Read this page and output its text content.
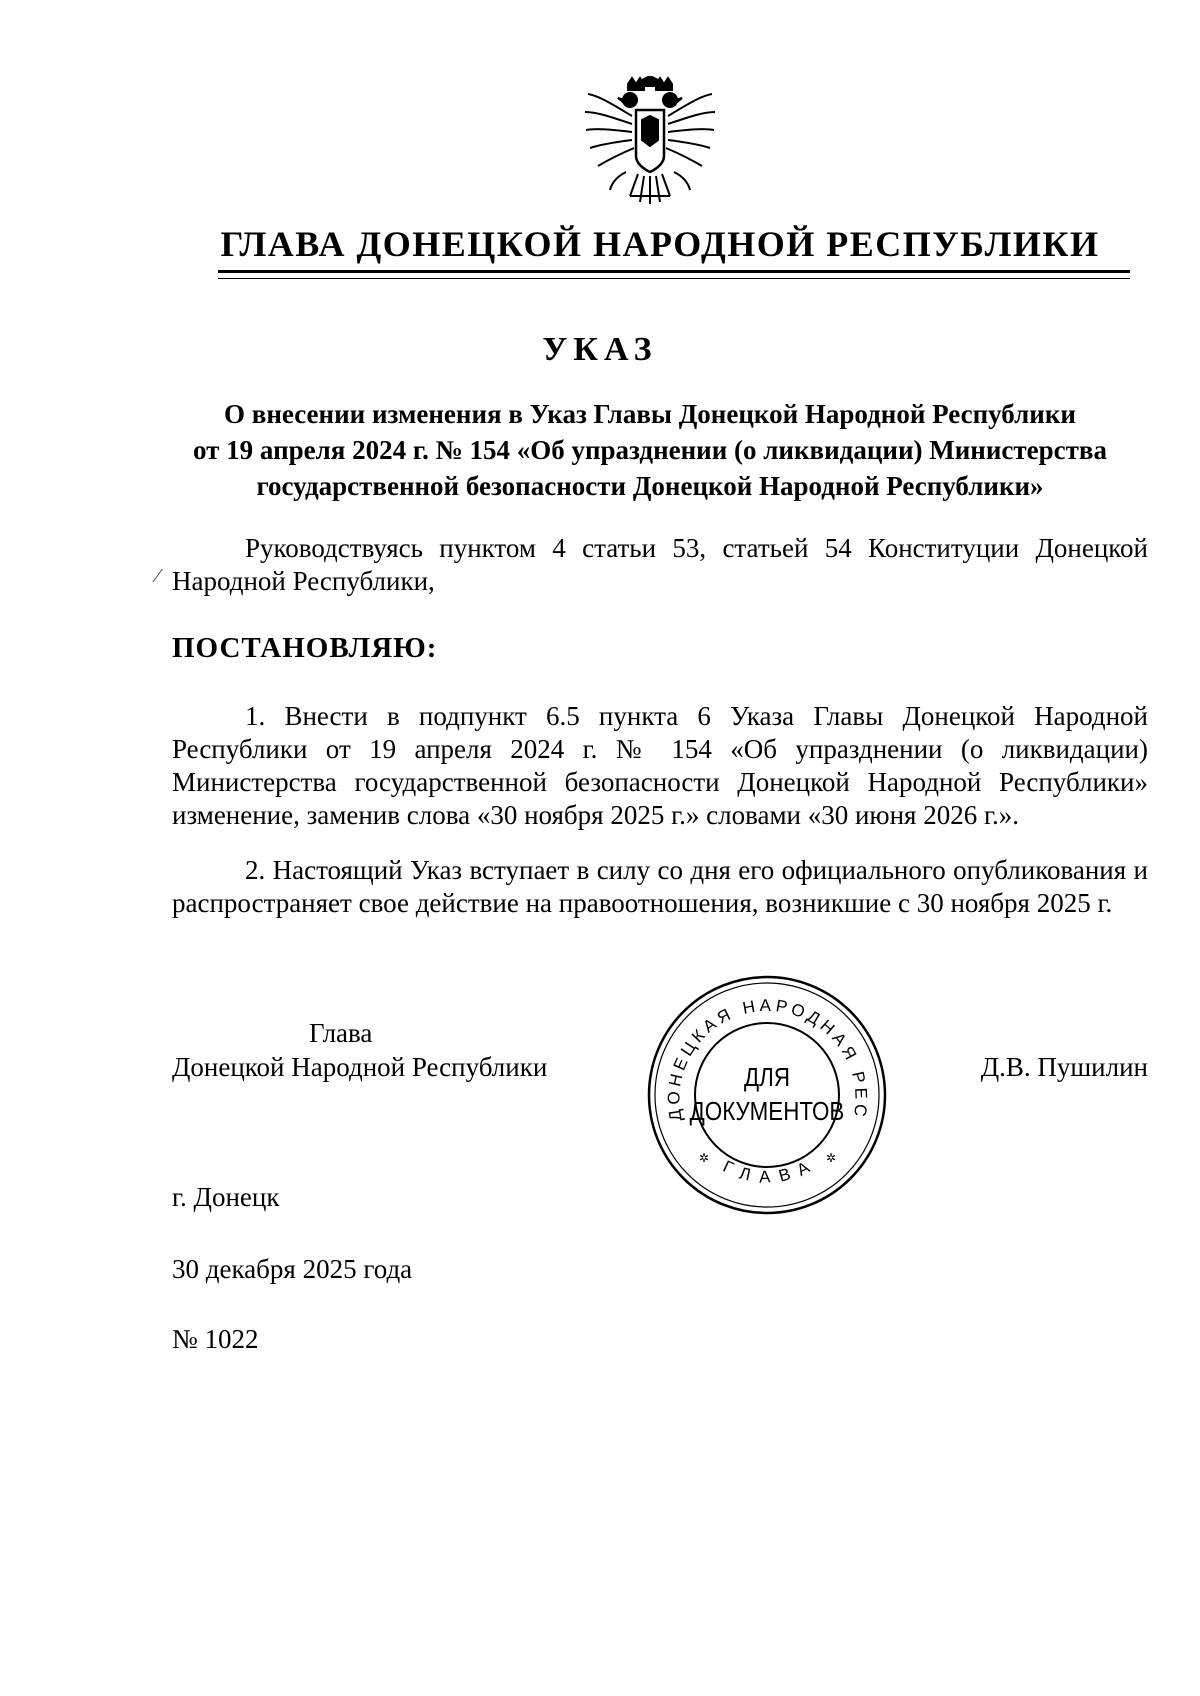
ГЛАВА ДОНЕЦКОЙ НАРОДНОЙ РЕСПУБЛИКИ
УКАЗ
О внесении изменения в Указ Главы Донецкой Народной Республики
от 19 апреля 2024 г. № 154 «Об упразднении (о ликвидации) Министерства
государственной безопасности Донецкой Народной Республики»
Руководствуясь пунктом 4 статьи 53, статьей 54 Конституции Донецкой Народной Республики,
⁄
ПОСТАНОВЛЯЮ:
1. Внести в подпункт 6.5 пункта 6 Указа Главы Донецкой Народной Республики от 19 апреля 2024 г. № 154 «Об упразднении (о ликвидации) Министерства государственной безопасности Донецкой Народной Республики» изменение, заменив слова «30 ноября 2025 г.» словами «30 июня 2026 г.».
2. Настоящий Указ вступает в силу со дня его официального опубликования и распространяет свое действие на правоотношения, возникшие с 30 ноября 2025 г.
Глава
Донецкой Народной Республики
ДОНЕЦКАЯ НАРОДНАЯ РЕС
ГЛАВА
✲	✲
ДЛЯ
ДОКУМЕНТОВ
Д.В. Пушилин
г. Донецк
30 декабря 2025 года
№ 1022
